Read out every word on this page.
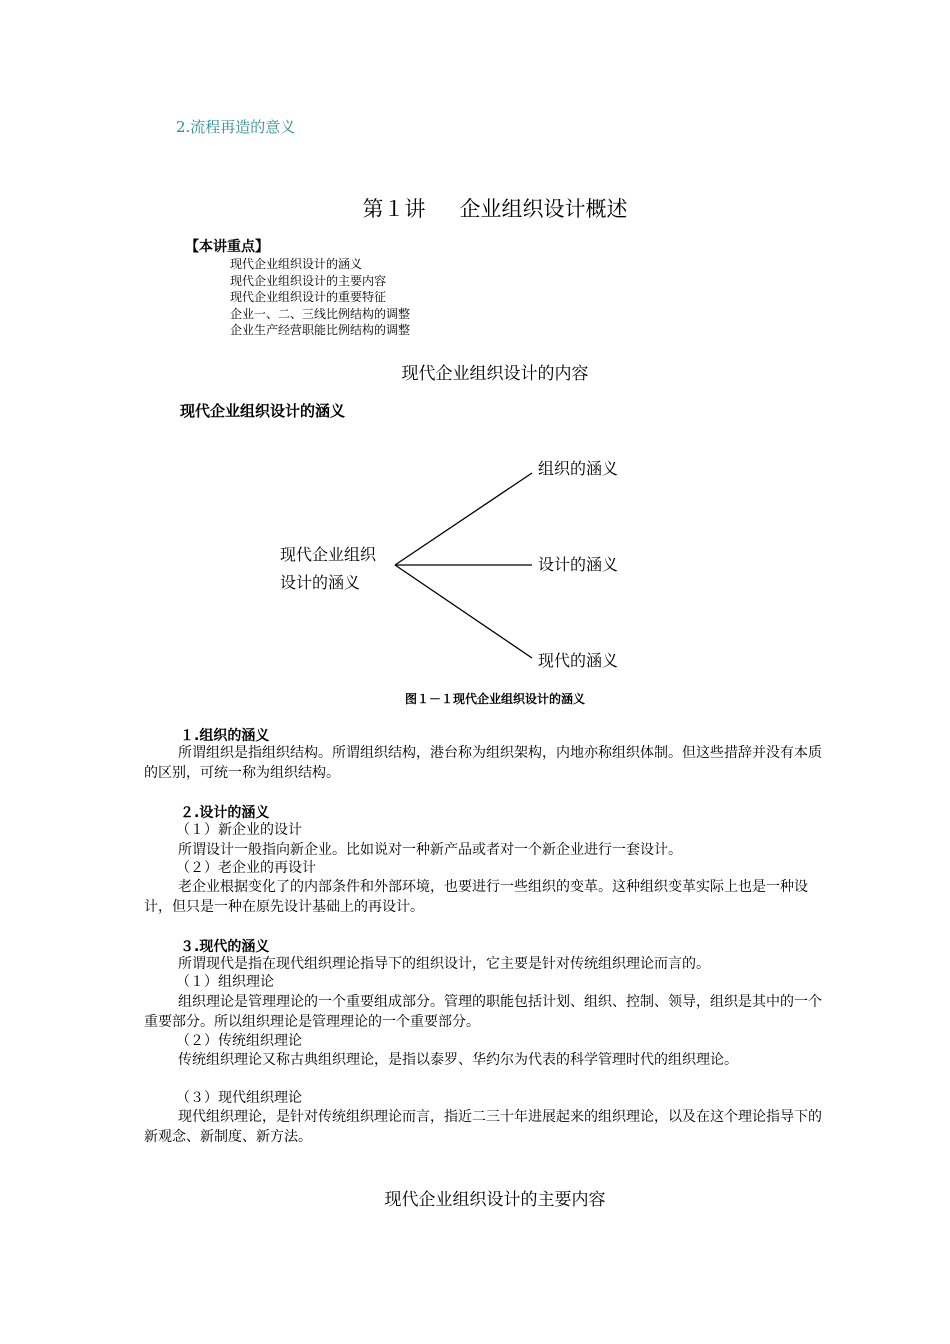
2.流程再造的意义
第１讲 企业组织设计概述
【本讲重点】
现代企业组织设计的涵义
现代企业组织设计的主要内容
现代企业组织设计的重要特征
企业一、二、三线比例结构的调整
企业生产经营职能比例结构的调整
现代企业组织设计的内容
现代企业组织设计的涵义
现代企业组织
设计的涵义
组织的涵义
设计的涵义
现代的涵义
图１－１现代企业组织设计的涵义
１.组织的涵义
所谓组织是指组织结构。所谓组织结构，港台称为组织架构，内地亦称组织体制。但这些措辞并没有本质的区别，可统一称为组织结构。
２.设计的涵义
（１）新企业的设计
所谓设计一般指向新企业。比如说对一种新产品或者对一个新企业进行一套设计。
（２）老企业的再设计
老企业根据变化了的内部条件和外部环境，也要进行一些组织的变革。这种组织变革实际上也是一种设计，但只是一种在原先设计基础上的再设计。
３.现代的涵义
所谓现代是指在现代组织理论指导下的组织设计，它主要是针对传统组织理论而言的。
（１）组织理论
组织理论是管理理论的一个重要组成部分。管理的职能包括计划、组织、控制、领导，组织是其中的一个重要部分。所以组织理论是管理理论的一个重要部分。
（２）传统组织理论
传统组织理论又称古典组织理论，是指以泰罗、华约尔为代表的科学管理时代的组织理论。
（３）现代组织理论
现代组织理论，是针对传统组织理论而言，指近二三十年进展起来的组织理论，以及在这个理论指导下的新观念、新制度、新方法。
现代企业组织设计的主要内容
